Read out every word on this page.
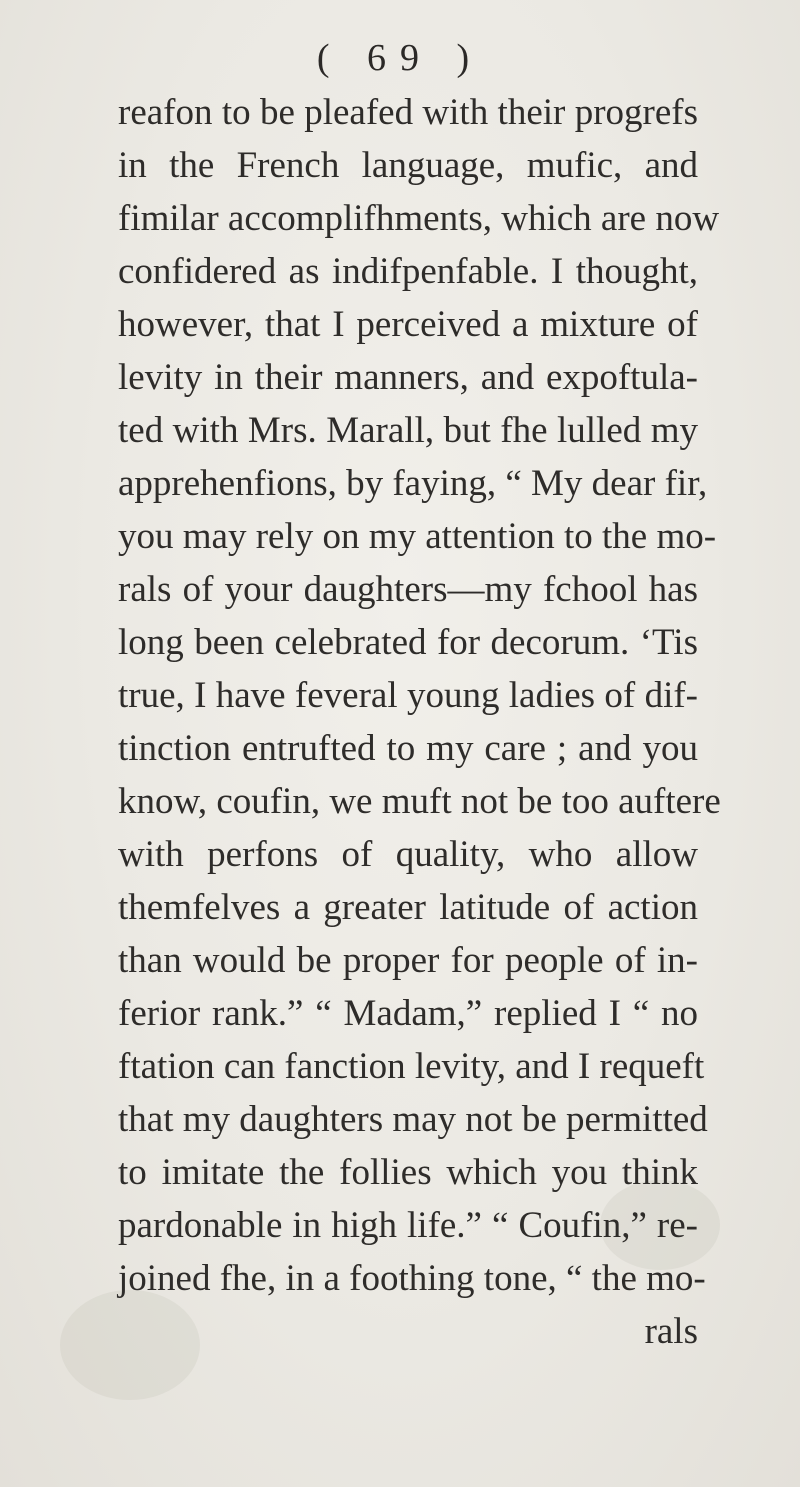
( 69 )
reafon to be pleafed with their progrefs
in the French language, mufic, and
fimilar accomplifhments, which are now
confidered as indifpenfable. I thought,
however, that I perceived a mixture of
levity in their manners, and expoftula-
ted with Mrs. Marall, but fhe lulled my
apprehenfions, by faying, “ My dear fir,
you may rely on my attention to the mo-
rals of your daughters—my fchool has
long been celebrated for decorum. ‘Tis
true, I have feveral young ladies of dif-
tinction entrufted to my care ; and you
know, coufin, we muft not be too auftere
with perfons of quality, who allow
themfelves a greater latitude of action
than would be proper for people of in-
ferior rank.” “ Madam,” replied I “ no
ftation can fanction levity, and I requeft
that my daughters may not be permitted
to imitate the follies which you think
pardonable in high life.” “ Coufin,” re-
joined fhe, in a foothing tone, “ the mo-
rals
